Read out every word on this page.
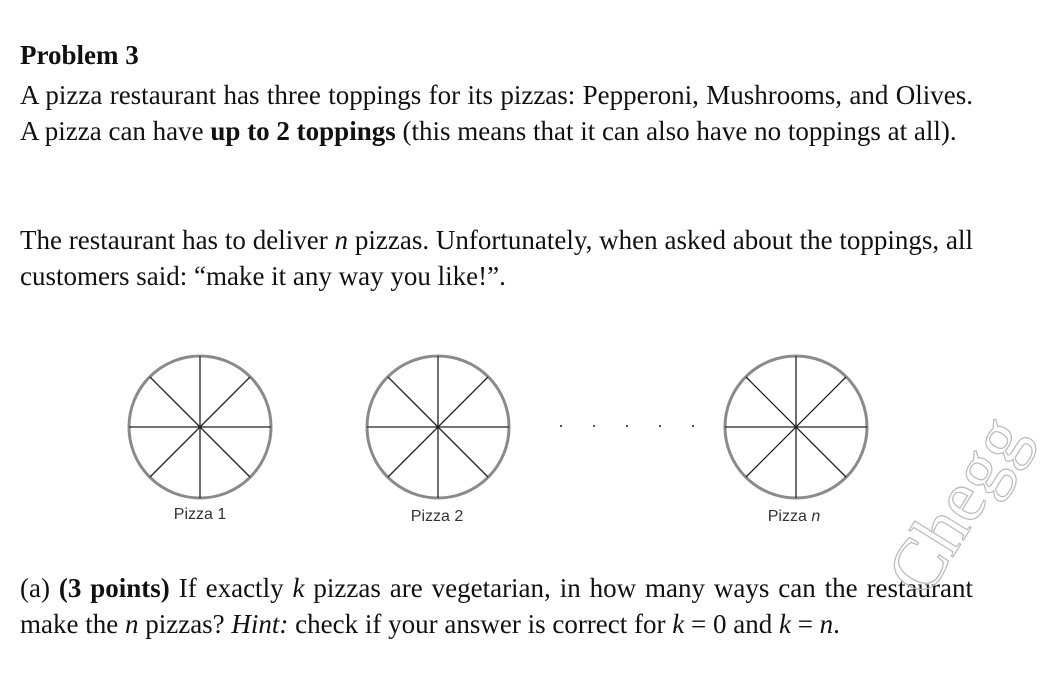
Problem 3

A pizza restaurant has three toppings for its pizzas: Pepperoni, Mushrooms, and Olives. A pizza can have up to 2 toppings (this means that it can also have no toppings at all).

The restaurant has to deliver n pizzas. Unfortunately, when asked about the toppings, all customers said: “make it any way you like!”.

Pizza 1	Pizza 2	Pizza n
· · · · ·

(a) (3 points) If exactly k pizzas are vegetarian, in how many ways can the restaurant make the n pizzas? Hint: check if your answer is correct for k = 0 and k = n.

Chegg
